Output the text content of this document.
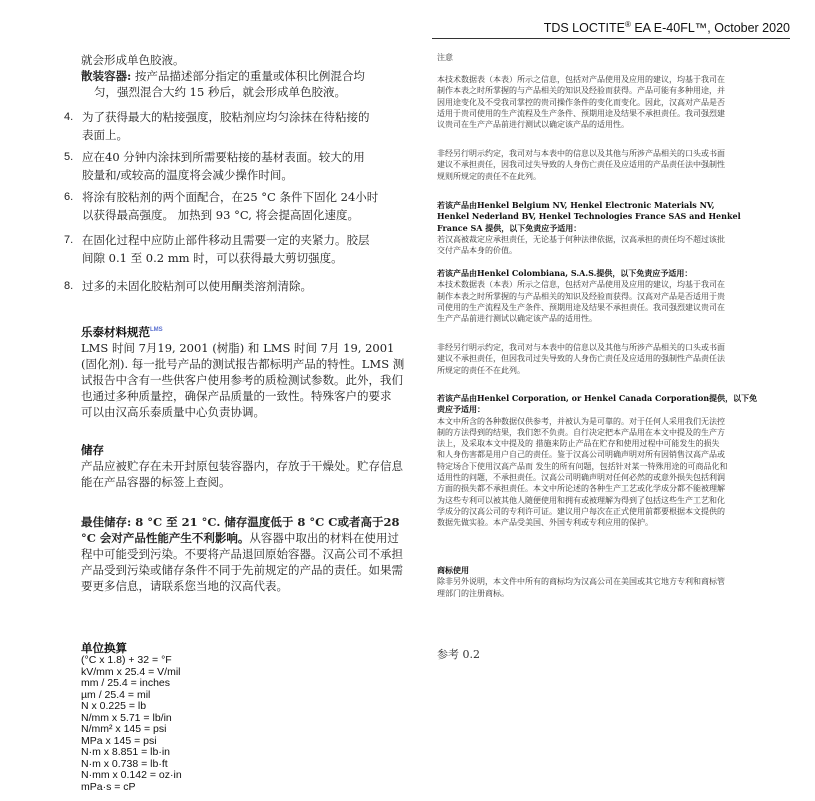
TDS LOCTITE® EA E-40FL™, October 2020
就会形成单色胶液。
散装容器: 按产品描述部分指定的重量或体积比例混合均
匀，强烈混合大约 15 秒后，就会形成单色胶液。
4. 为了获得最大的粘接强度，胶粘剂应均匀涂抹在待粘接的
表面上。
5. 应在40 分钟内涂抹到所需要粘接的基材表面。较大的用
胶量和/或较高的温度将会减少操作时间。
6. 将涂有胶粘剂的两个面配合，在25 °C 条件下固化 24小时
以获得最高强度。 加热到 93 °C, 将会提高固化速度。
7. 在固化过程中应防止部件移动且需要一定的夹紧力。胶层
间隙 0.1 至 0.2 mm 时，可以获得最大剪切强度。
8. 过多的未固化胶粘剂可以使用酮类溶剂清除。
乐泰材料规范$^{LMS}$
LMS 时间 7月19, 2001 (树脂) 和 LMS 时间 7月 19, 2001
(固化剂). 每一批号产品的测试报告都标明产品的特性。LMS 测
试报告中含有一些供客户使用参考的质检测试参数。此外，我们
也通过多种质量控，确保产品质量的一致性。特殊客户的要求
可以由汉高乐泰质量中心负责协调。
储存
产品应被贮存在未开封原包装容器内，存放于干燥处。贮存信息
能在产品容器的标签上查阅。
最佳储存: 8 °C 至 21 °C. 储存温度低于 8 °C C或者高于28
°C 会对产品性能产生不利影响。从容器中取出的材料在使用过
程中可能受到污染。不要将产品退回原始容器。汉高公司不承担
产品受到污染或储存条件不同于先前规定的产品的责任。如果需
要更多信息，请联系您当地的汉高代表。
单位换算
(°C x 1.8) + 32 = °F
kV/mm x 25.4 = V/mil
mm / 25.4 = inches
µm / 25.4 = mil
N x 0.225 = lb
N/mm x 5.71 = lb/in
N/mm² x 145 = psi
MPa x 145 = psi
N·m x 8.851 = lb·in
N·m x 0.738 = lb·ft
N·mm x 0.142 = oz·in
mPa·s = cP
注意
本技术数据表（本表）所示之信息，包括对产品使用及应用的建议，均基于我司在
制作本表之时所掌握的与产品相关的知识及经验而获得。产品可能有多种用途，并
因用途变化及不受我司掌控的贵司操作条件的变化而变化。因此，汉高对产品是否
适用于贵司使用的生产流程及生产条件、预期用途及结果不承担责任。我司强烈建
议贵司在生产产品前进行测试以确定该产品的适用性。
非经另行明示约定，我司对与本表中的信息以及其他与所涉产品相关的口头或书面
建议不承担责任，因我司过失导致的人身伤亡责任及应适用的产品责任法中强制性
规则所规定的责任不在此列。
若该产品由Henkel Belgium NV, Henkel Electronic Materials NV,
Henkel Nederland BV, Henkel Technologies France SAS and Henkel
France SA 提供，以下免责应予适用：
若汉高被裁定应承担责任，无论基于何种法律依据，汉高承担的责任均不超过该批
交付产品本身的价值。
若该产品由Henkel Colombiana, S.A.S.提供，以下免责应予适用：
本技术数据表（本表）所示之信息，包括对产品使用及应用的建议，均基于我司在
制作本表之时所掌握的与产品相关的知识及经验而获得。汉高对产品是否适用于贵
司使用的生产流程及生产条件、预期用途及结果不承担责任。我司强烈建议贵司在
生产产品前进行测试以确定该产品的适用性。
非经另行明示约定，我司对与本表中的信息以及其他与所涉产品相关的口头或书面
建议不承担责任，但因我司过失导致的人身伤亡责任及应适用的强制性产品责任法
所规定的责任不在此列。
若该产品由Henkel Corporation, or Henkel Canada Corporation提供，以下免
责应予适用：
本文中所含的各种数据仅供参考，并被认为是可靠的。对于任何人采用我们无法控
制的方法得到的结果，我们恕不负责。自行决定把本产品用在本文中提及的生产方
法上，及采取本文中提及的 措施来防止产品在贮存和使用过程中可能发生的损失
和人身伤害都是用户自己的责任。鉴于汉高公司明确声明对所有因销售汉高产品或
特定场合下使用汉高产品而 发生的所有问题，包括针对某一特殊用途的可商品化和
适用性的问题，不承担责任。汉高公司明确声明对任何必然的或意外损失包括利润
方面的损失都不承担责任。本文中所论述的各种生产工艺或化学成分都不能被理解
为这些专利可以被其他人随便使用和拥有或被理解为得到了包括这些生产工艺和化
学成分的汉高公司的专利许可证。建议用户每次在正式使用前都要根据本文提供的
数据先做实验。本产品受美国、外国专利或专利应用的保护。
商标使用
除非另外说明，本文件中所有的商标均为汉高公司在美国或其它地方专利和商标管
理部门的注册商标。
参考 0.2
